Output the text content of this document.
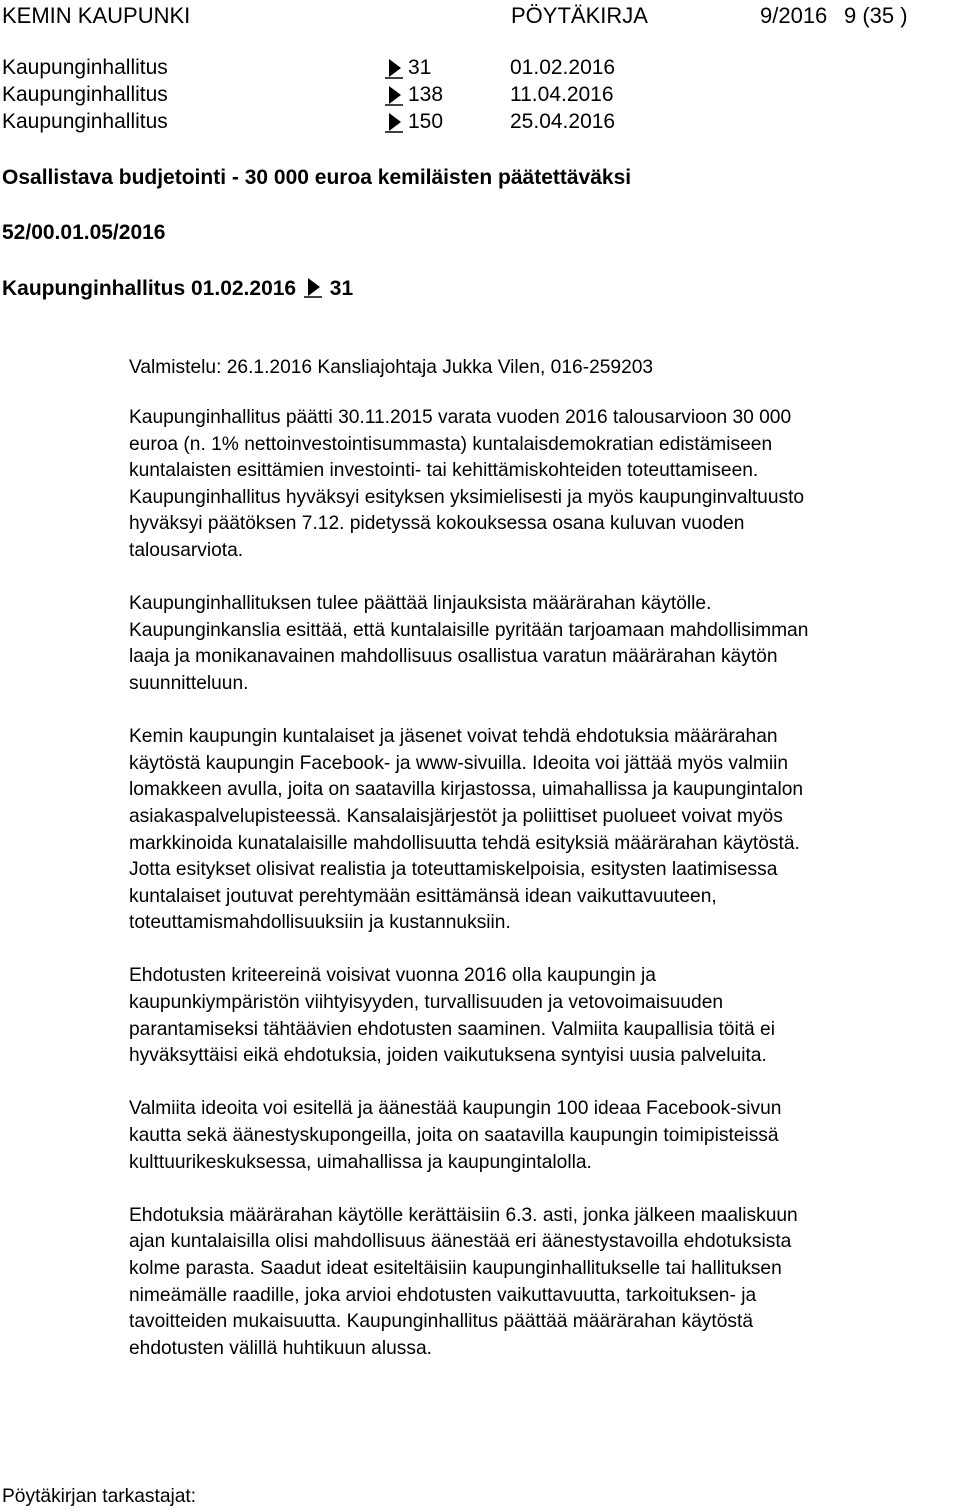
KEMIN KAUPUNKI	PÖYTÄKIRJA	9/2016 9 (35 )
Kaupunginhallitus	31	01.02.2016
Kaupunginhallitus	138	11.04.2016
Kaupunginhallitus	150	25.04.2016
Osallistava budjetointi - 30 000 euroa kemiläisten päätettäväksi
52/00.01.05/2016
Kaupunginhallitus 01.02.2016 31
Valmistelu: 26.1.2016 Kansliajohtaja Jukka Vilen, 016-259203
Kaupunginhallitus päätti 30.11.2015 varata vuoden 2016 talousarvioon 30 000
euroa (n. 1% nettoinvestointisummasta) kuntalaisdemokratian edistämiseen
kuntalaisten esittämien investointi- tai kehittämiskohteiden toteuttamiseen.
Kaupunginhallitus hyväksyi esityksen yksimielisesti ja myös kaupunginvaltuusto
hyväksyi päätöksen 7.12. pidetyssä kokouksessa osana kuluvan vuoden
talousarviota.
Kaupunginhallituksen tulee päättää linjauksista määrärahan käytölle.
Kaupunginkanslia esittää, että kuntalaisille pyritään tarjoamaan mahdollisimman
laaja ja monikanavainen mahdollisuus osallistua varatun määrärahan käytön
suunnitteluun.
Kemin kaupungin kuntalaiset ja jäsenet voivat tehdä ehdotuksia määrärahan
käytöstä kaupungin Facebook- ja www-sivuilla. Ideoita voi jättää myös valmiin
lomakkeen avulla, joita on saatavilla kirjastossa, uimahallissa ja kaupungintalon
asiakaspalvelupisteessä. Kansalaisjärjestöt ja poliittiset puolueet voivat myös
markkinoida kunatalaisille mahdollisuutta tehdä esityksiä määrärahan käytöstä.
Jotta esitykset olisivat realistia ja toteuttamiskelpoisia, esitysten laatimisessa
kuntalaiset joutuvat perehtymään esittämänsä idean vaikuttavuuteen,
toteuttamismahdollisuuksiin ja kustannuksiin.
Ehdotusten kriteereinä voisivat vuonna 2016 olla kaupungin ja
kaupunkiympäristön viihtyisyyden, turvallisuuden ja vetovoimaisuuden
parantamiseksi tähtäävien ehdotusten saaminen. Valmiita kaupallisia töitä ei
hyväksyttäisi eikä ehdotuksia, joiden vaikutuksena syntyisi uusia palveluita.
Valmiita ideoita voi esitellä ja äänestää kaupungin 100 ideaa Facebook-sivun
kautta sekä äänestyskupongeilla, joita on saatavilla kaupungin toimipisteissä
kulttuurikeskuksessa, uimahallissa ja kaupungintalolla.
Ehdotuksia määrärahan käytölle kerättäisiin 6.3. asti, jonka jälkeen maaliskuun
ajan kuntalaisilla olisi mahdollisuus äänestää eri äänestystavoilla ehdotuksista
kolme parasta. Saadut ideat esiteltäisiin kaupunginhallitukselle tai hallituksen
nimeämälle raadille, joka arvioi ehdotusten vaikuttavuutta, tarkoituksen- ja
tavoitteiden mukaisuutta. Kaupunginhallitus päättää määrärahan käytöstä
ehdotusten välillä huhtikuun alussa.
Pöytäkirjan tarkastajat:
